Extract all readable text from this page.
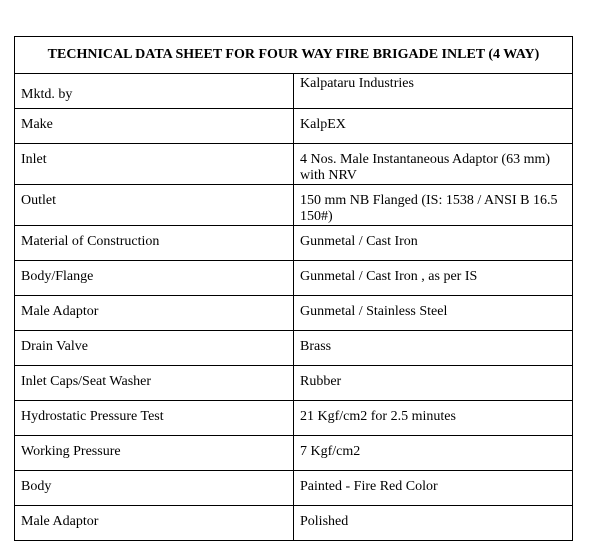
TECHNICAL DATA SHEET FOR FOUR WAY FIRE BRIGADE INLET (4 WAY)	
Mktd. by	Kalpataru Industries
Make	KalpEX
Inlet	4 Nos. Male Instantaneous Adaptor (63 mm) with NRV
Outlet	150 mm NB Flanged (IS: 1538 / ANSI B 16.5 150#)
Material of Construction	Gunmetal / Cast Iron
Body/Flange	Gunmetal / Cast Iron , as per IS
Male Adaptor	Gunmetal / Stainless Steel
Drain Valve	Brass
Inlet Caps/Seat Washer	Rubber
Hydrostatic Pressure Test	21 Kgf/cm2 for 2.5 minutes
Working Pressure	7 Kgf/cm2
Body	Painted - Fire Red Color
Male Adaptor	Polished
